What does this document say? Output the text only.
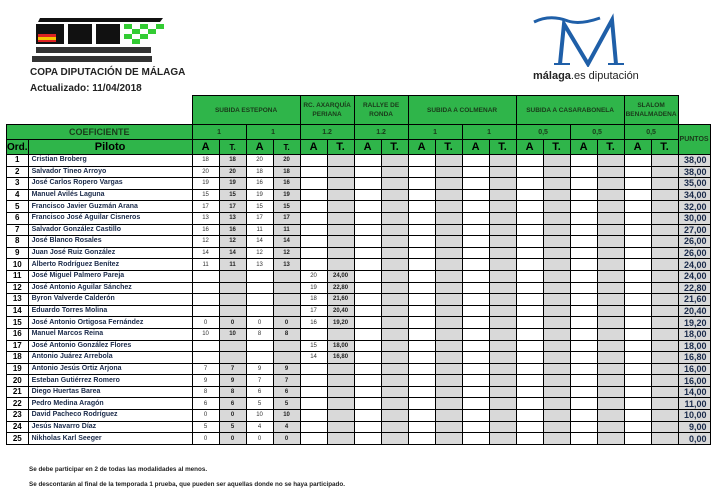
COPA DIPUTACIÓN DE MÁLAGA
Actualizado: 11/04/2018
málaga.es diputación
		SUBIDA ESTEPONA				RC. AXARQUÍA PERIANA		RALLYE DE RONDA		SUBIDA A COLMENAR				SUBIDA A CASARABONELA				SLALOM BENALMADENA		
COEFICIENTE		1		1		1.2		1.2		1		1		0,5		0,5		0,5		PUNTOS
Ord.	Piloto	A	T.	A	T.	A	T.	A	T.	A	T.	A	T.	A	T.	A	T.	A	T.	
1	Cristian Broberg	18	18	20	20															38,00
2	Salvador Tineo Arroyo	20	20	18	18															38,00
3	José Carlos Ropero Vargas	19	19	16	16															35,00
4	Manuel Avilés Laguna	15	15	19	19															34,00
5	Francisco Javier Guzmán Arana	17	17	15	15															32,00
6	Francisco José Aguilar Cisneros	13	13	17	17															30,00
7	Salvador González Castillo	16	16	11	11															27,00
8	José Blanco Rosales	12	12	14	14															26,00
9	Juan José Ruiz González	14	14	12	12															26,00
10	Alberto Rodríguez Benítez	11	11	13	13															24,00
11	José Miguel Palmero Pareja					20	24,00													24,00
12	José Antonio Aguilar Sánchez					19	22,80													22,80
13	Byron Valverde Calderón					18	21,60													21,60
14	Eduardo Torres Molina					17	20,40													20,40
15	José Antonio Ortigosa Fernández	0	0	0	0	16	19,20													19,20
16	Manuel Marcos Reina	10	10	8	8															18,00
17	José Antonio González Flores					15	18,00													18,00
18	Antonio Juárez Arrebola					14	16,80													16,80
19	Antonio Jesús Ortiz Arjona	7	7	9	9															16,00
20	Esteban Gutiérrez Romero	9	9	7	7															16,00
21	Diego Huertas Barea	8	8	6	6															14,00
22	Pedro Medina Aragón	6	6	5	5															11,00
23	David Pacheco Rodríguez	0	0	10	10															10,00
24	Jesús Navarro Díaz	5	5	4	4															9,00
25	Nikholas Karl Seeger	0	0	0	0															0,00
Se debe participar en 2 de todas las modalidades al menos.
Se descontarán al final de la temporada 1 prueba, que pueden ser aquellas donde no se haya participado.
